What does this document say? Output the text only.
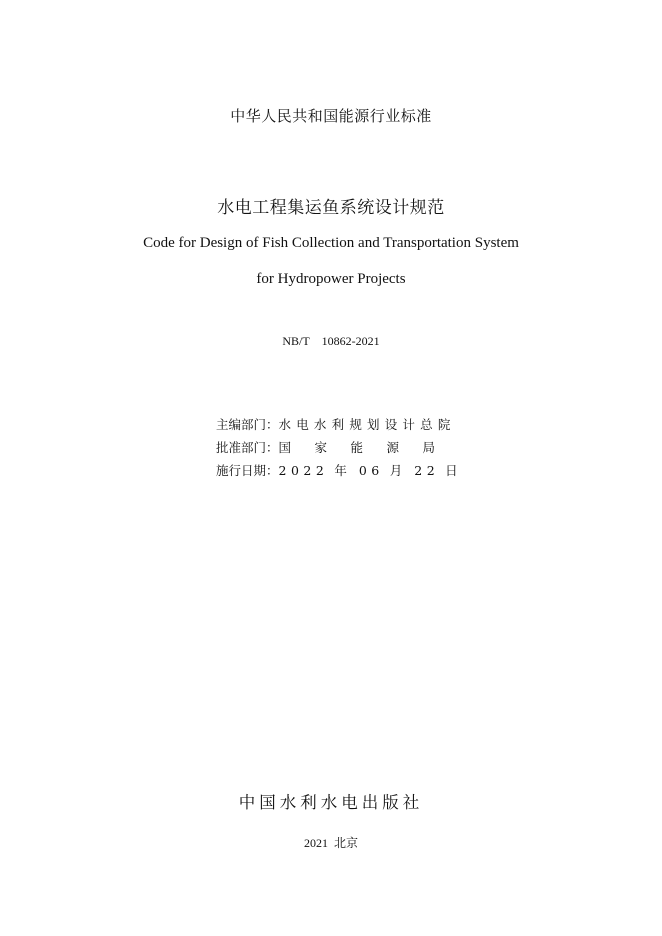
中华人民共和国能源行业标准
水电工程集运鱼系统设计规范
Code for Design of Fish Collection and Transportation System
for Hydropower Projects
NB/T 10862-2021
主编部门：水电水利规划设计总院
批准部门：国 家 能 源 局
施行日期：2022 年 06 月 22 日
中国水利水电出版社
2021 北京
